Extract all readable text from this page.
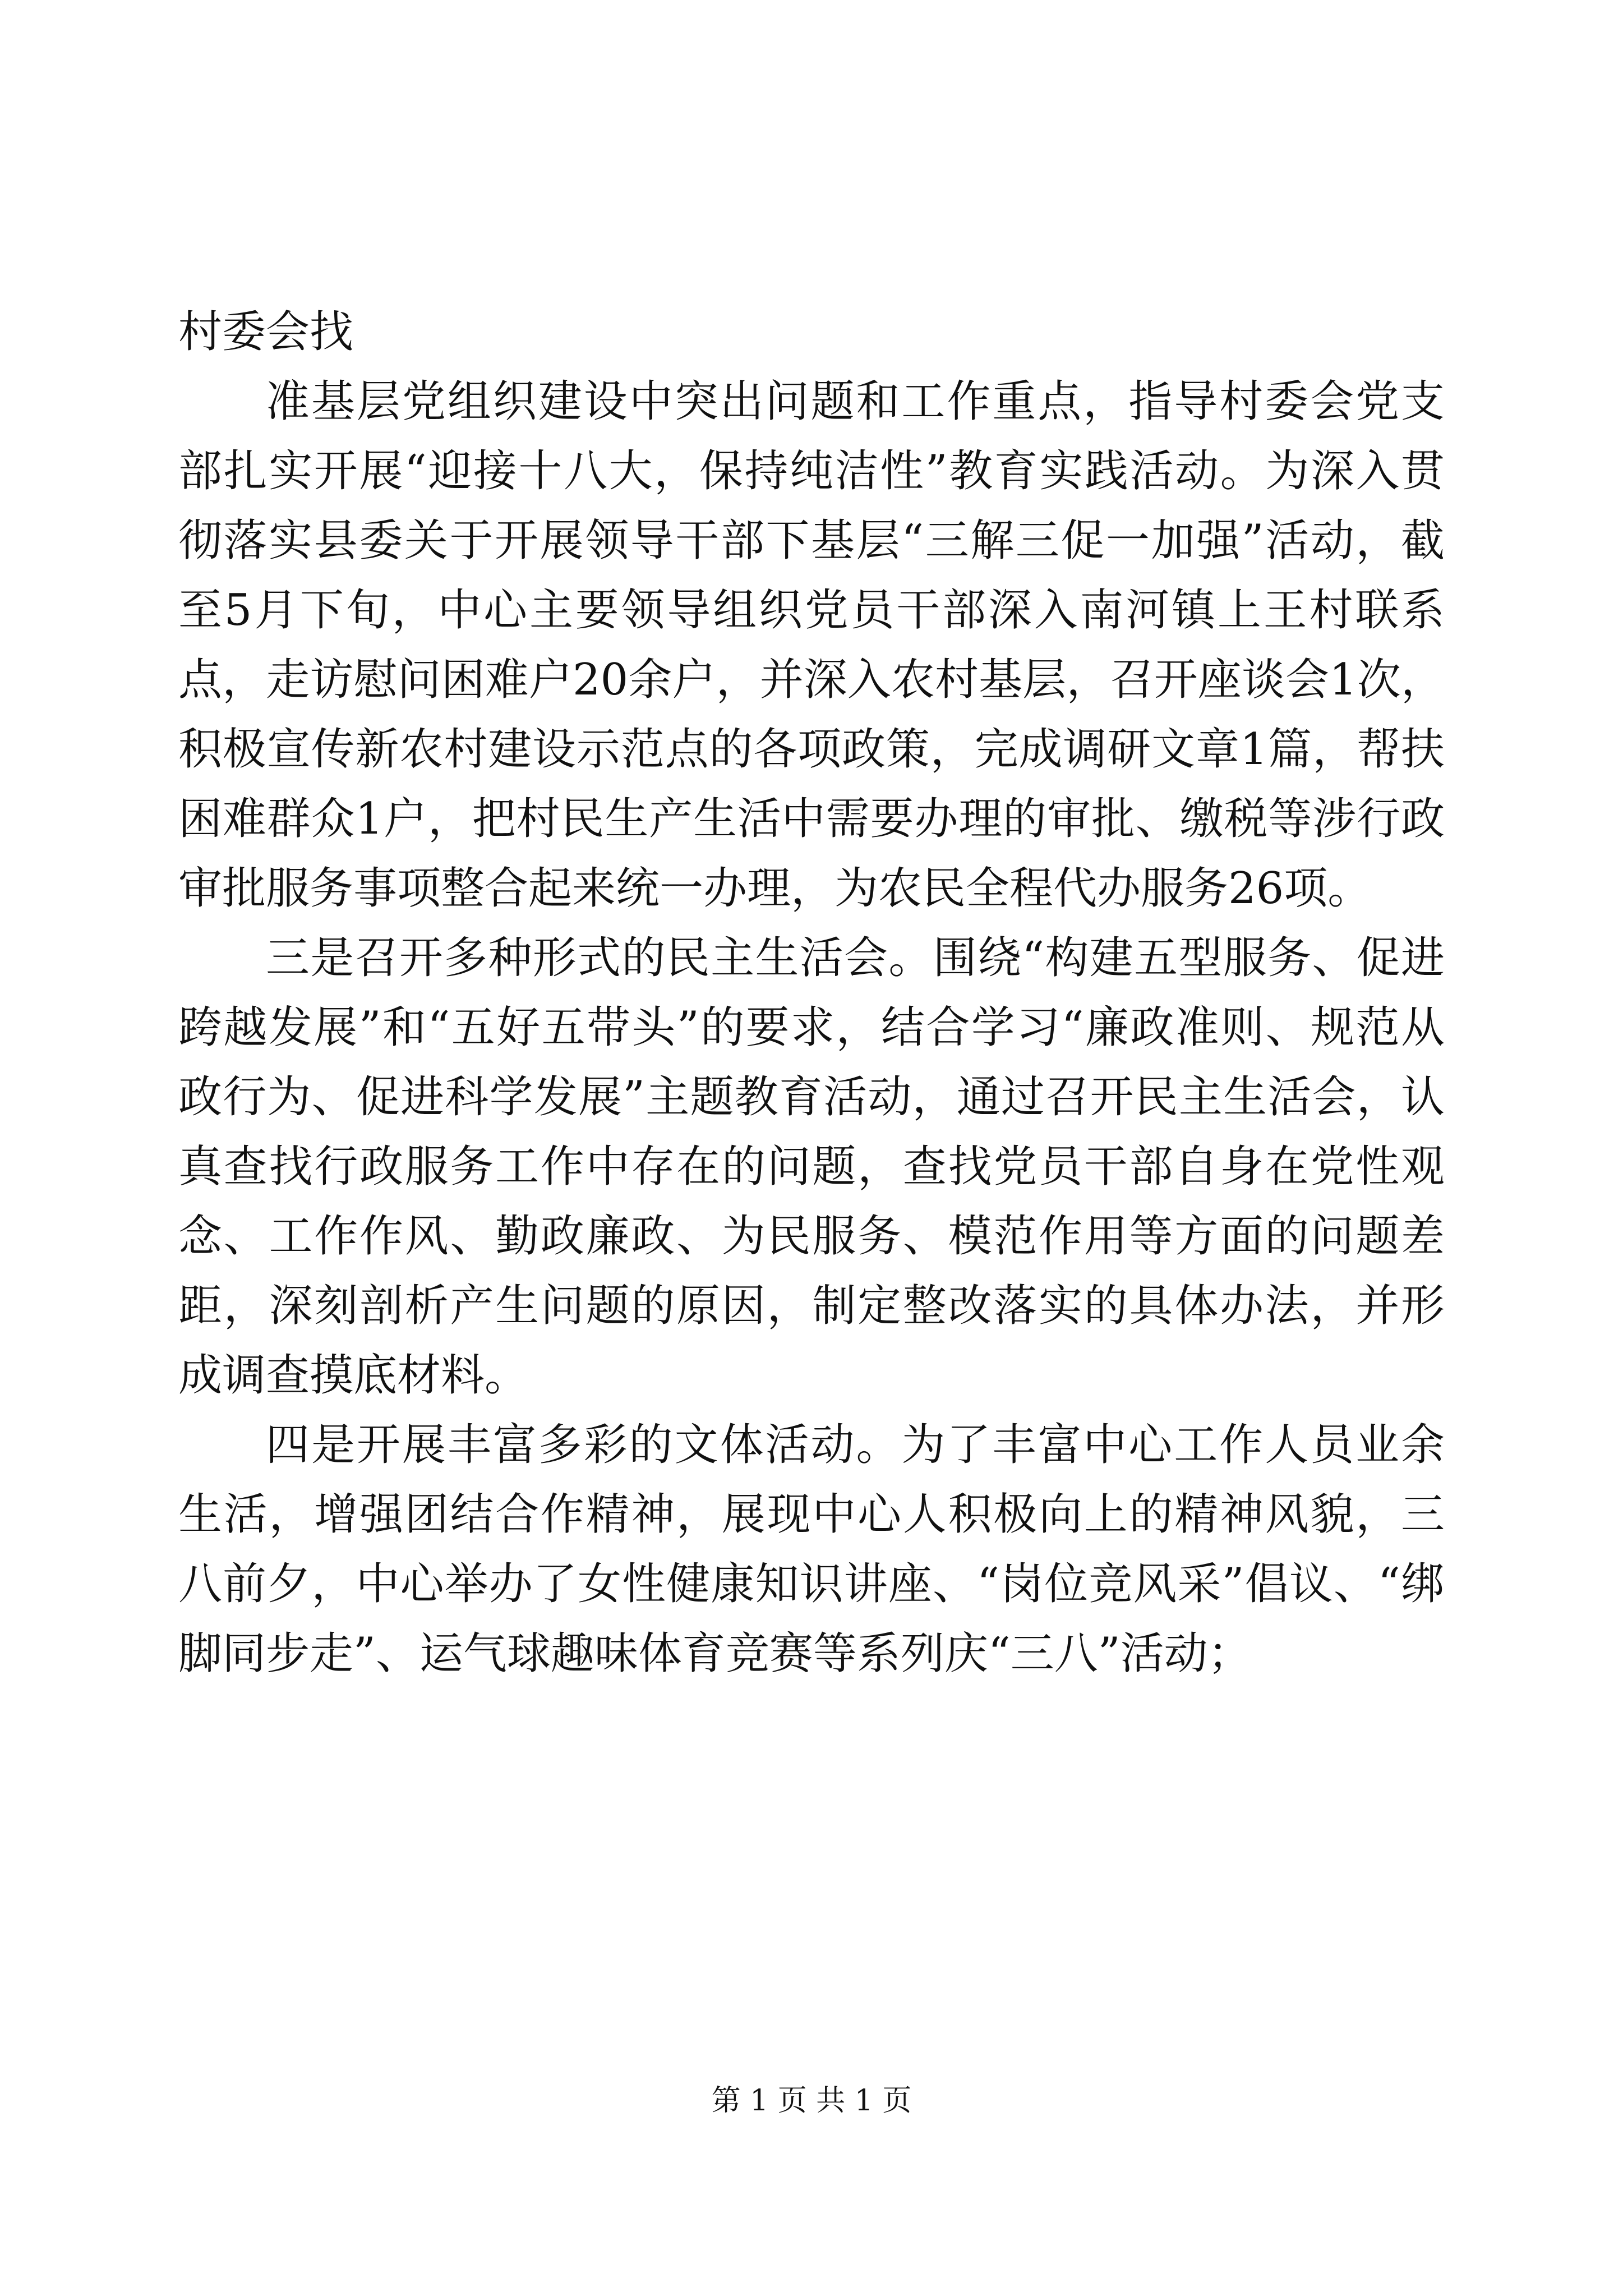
村委会找

准基层党组织建设中突出问题和工作重点，指导村委会党支部扎实开展“迎接十八大，保持纯洁性”教育实践活动。为深入贯彻落实县委关于开展领导干部下基层“三解三促一加强”活动，截至5月下旬，中心主要领导组织党员干部深入南河镇上王村联系点，走访慰问困难户20余户，并深入农村基层，召开座谈会1次，积极宣传新农村建设示范点的各项政策，完成调研文章1篇，帮扶困难群众1户，把村民生产生活中需要办理的审批、缴税等涉行政审批服务事项整合起来统一办理，为农民全程代办服务26项。

三是召开多种形式的民主生活会。围绕“构建五型服务、促进跨越发展”和“五好五带头”的要求，结合学习“廉政准则、规范从政行为、促进科学发展”主题教育活动，通过召开民主生活会，认真查找行政服务工作中存在的问题，查找党员干部自身在党性观念、工作作风、勤政廉政、为民服务、模范作用等方面的问题差距，深刻剖析产生问题的原因，制定整改落实的具体办法，并形成调查摸底材料。

四是开展丰富多彩的文体活动。为了丰富中心工作人员业余生活，增强团结合作精神，展现中心人积极向上的精神风貌，三八前夕，中心举办了女性健康知识讲座、“岗位竞风采”倡议、“绑脚同步走”、运气球趣味体育竞赛等系列庆“三八”活动；

第 1 页 共 1 页
